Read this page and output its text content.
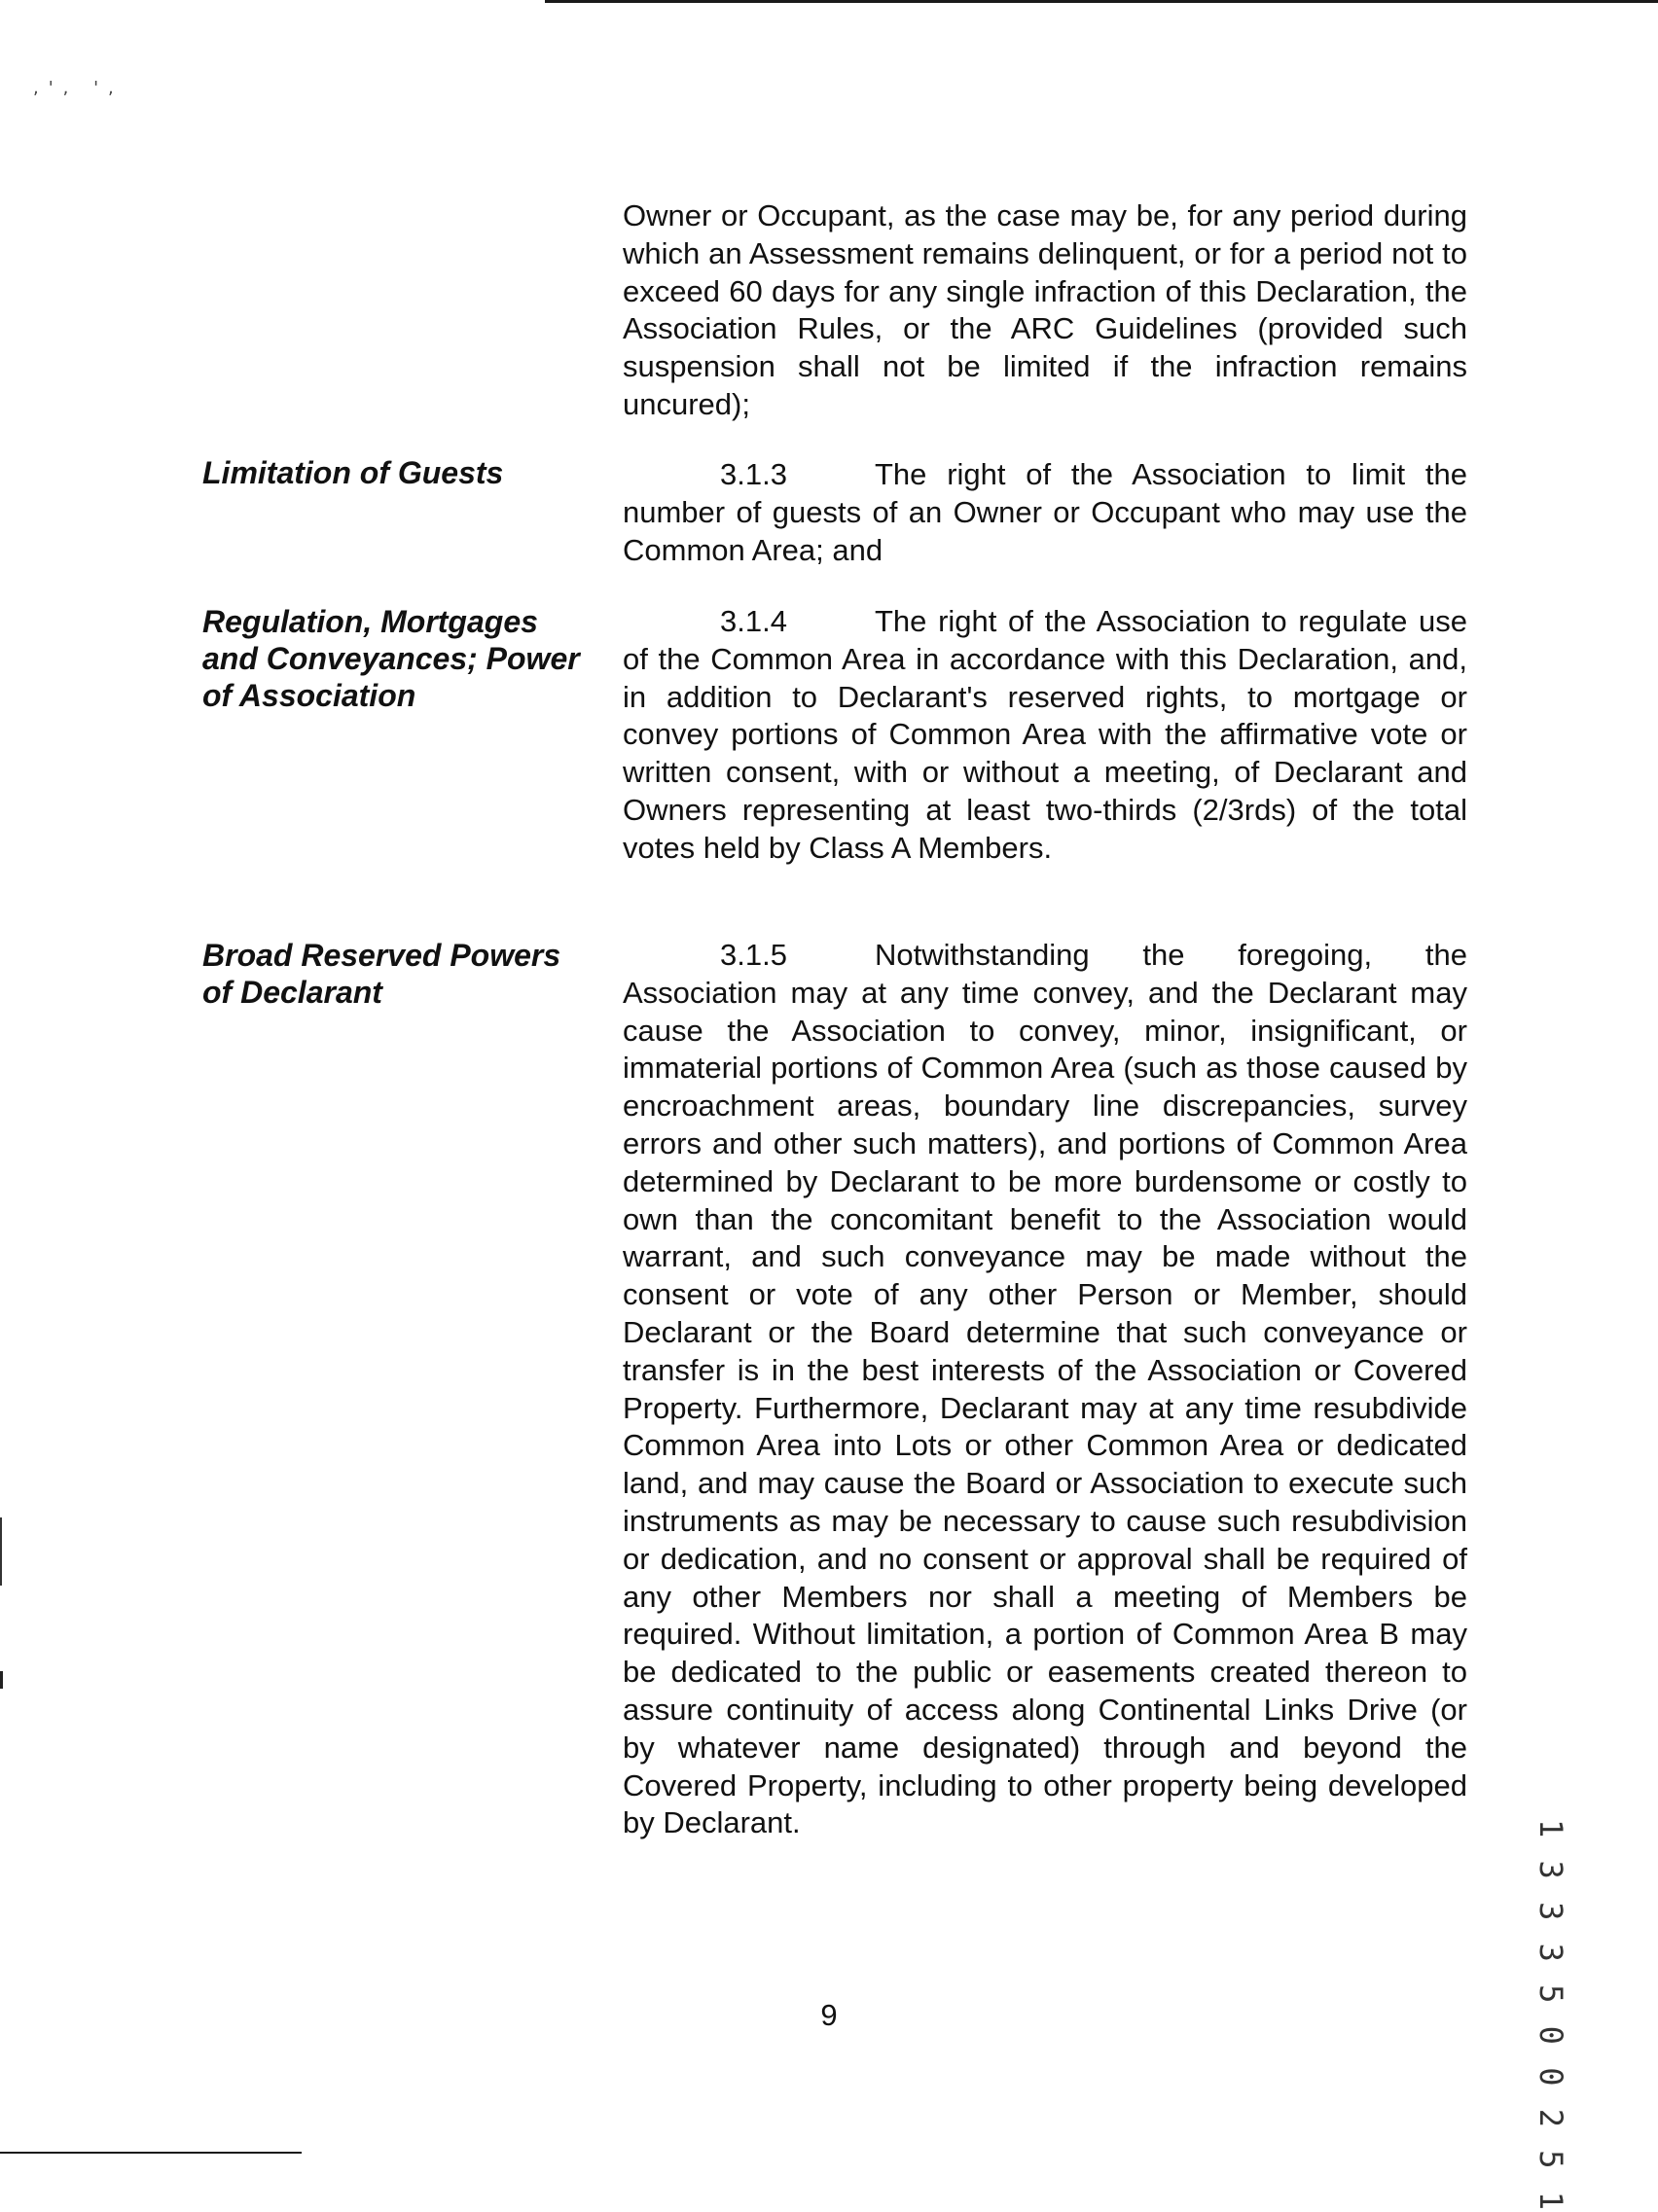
,', ',
Owner or Occupant, as the case may be, for any period during which an Assessment remains delinquent, or for a period not to exceed 60 days for any single infraction of this Declaration, the Association Rules, or the ARC Guidelines (provided such suspension shall not be limited if the infraction remains uncured);
Limitation of Guests	3.1.3	The right of the Association to limit the number of guests of an Owner or Occupant who may use the Common Area; and
Regulation, Mortgages and Conveyances; Power of Association
3.1.4	The right of the Association to regulate use of the Common Area in accordance with this Declaration, and, in addition to Declarant's reserved rights, to mortgage or convey portions of Common Area with the affirmative vote or written consent, with or without a meeting, of Declarant and Owners representing at least two-thirds (2/3rds) of the total votes held by Class A Members.
Broad Reserved Powers of Declarant
3.1.5	Notwithstanding the foregoing, the Association may at any time convey, and the Declarant may cause the Association to convey, minor, insignificant, or immaterial portions of Common Area (such as those caused by encroachment areas, boundary line discrepancies, survey errors and other such matters), and portions of Common Area determined by Declarant to be more burdensome or costly to own than the concomitant benefit to the Association would warrant, and such conveyance may be made without the consent or vote of any other Person or Member, should Declarant or the Board determine that such conveyance or transfer is in the best interests of the Association or Covered Property. Furthermore, Declarant may at any time resubdivide Common Area into Lots or other Common Area or dedicated land, and may cause the Board or Association to execute such instruments as may be necessary to cause such resubdivision or dedication, and no consent or approval shall be required of any other Members nor shall a meeting of Members be required. Without limitation, a portion of Common Area B may be dedicated to the public or easements created thereon to assure continuity of access along Continental Links Drive (or by whatever name designated) through and beyond the Covered Property, including to other property being developed by Declarant.
9	1 3 3 3 5 0 0 2 5 1
